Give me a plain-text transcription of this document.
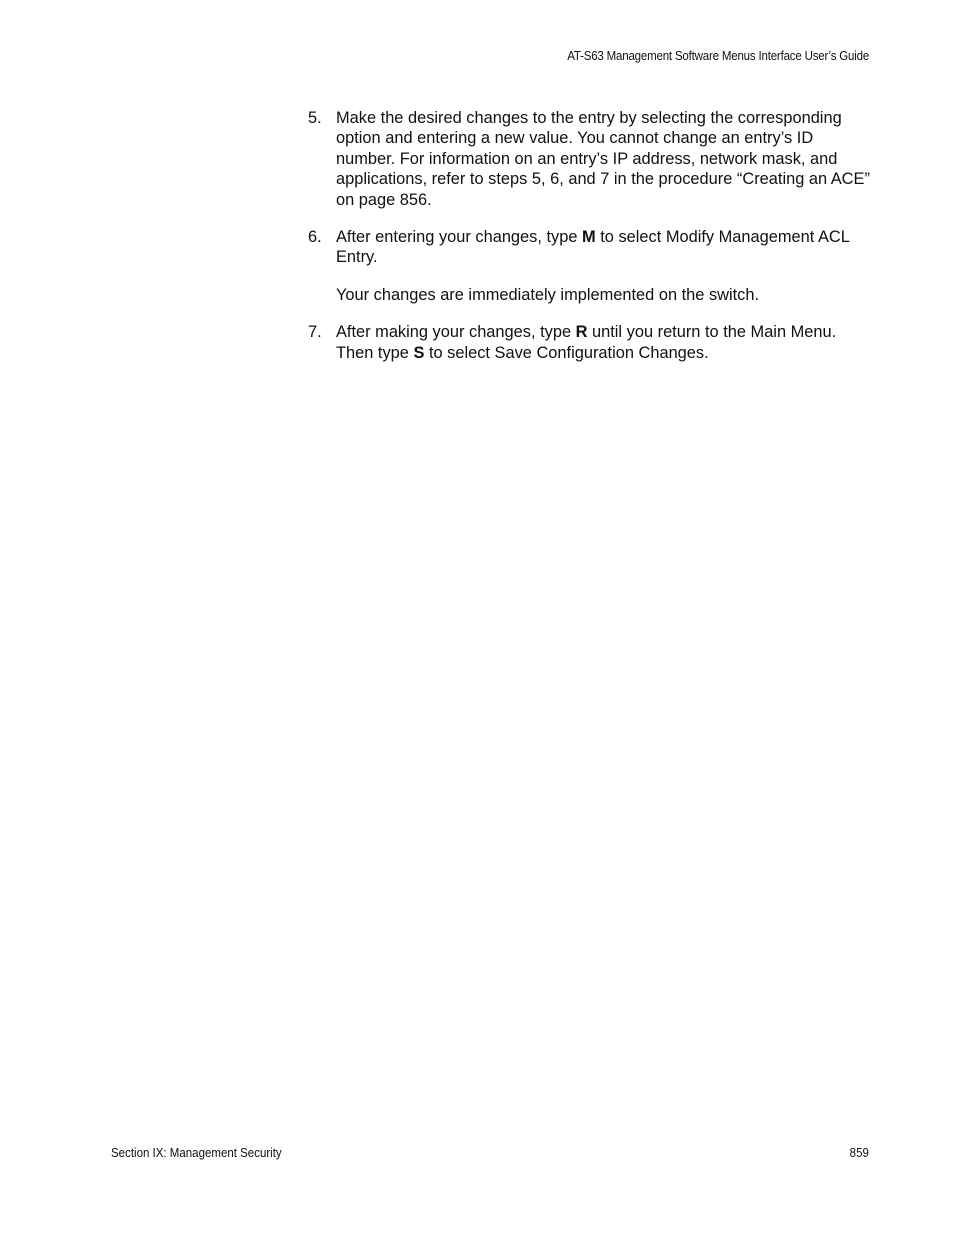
AT-S63 Management Software Menus Interface User’s Guide
5. Make the desired changes to the entry by selecting the corresponding option and entering a new value. You cannot change an entry’s ID number. For information on an entry’s IP address, network mask, and applications, refer to steps 5, 6, and 7 in the procedure “Creating an ACE” on page 856.
6. After entering your changes, type M to select Modify Management ACL Entry.
Your changes are immediately implemented on the switch.
7. After making your changes, type R until you return to the Main Menu. Then type S to select Save Configuration Changes.
Section IX: Management Security	859
